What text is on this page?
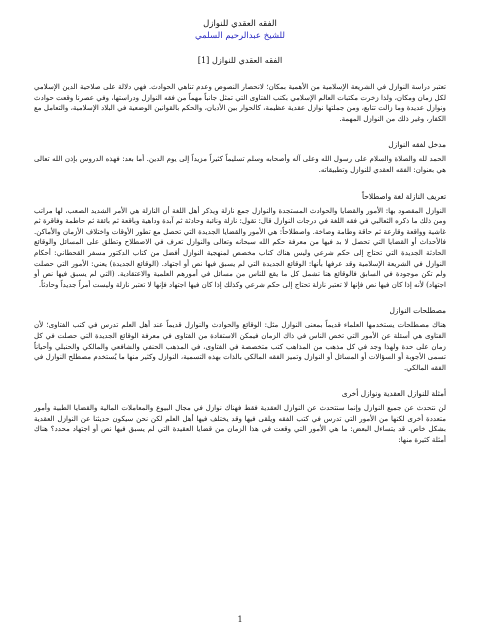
الفقه العقدي للنوازل
للشيخ عبدالرحيم السلمي
الفقه العقدي للنوازل [1]

تعتبر دراسة النوازل في الشريعة الإسلامية من الأهمية بمكان؛ لانحصار النصوص وعدم تناهي الحوادث. فهي دلالة على صلاحية الدين الإسلامي لكل زمان ومكان، ولذا زخرت مكتبات العالم الإسلامي بكتب الفتاوى التي تمثل جانباً مهماً من فقه النوازل ودراستها، وفي عصرنا وقعت حوادث ونوازل عديدة وما زالت تتابع، ومن جملتها نوازل عقدية عظيمة، كالحوار بين الأديان، والحكم بالقوانين الوضعية في البلاد الإسلامية، والتعامل مع الكفار، وغير ذلك من النوازل المهمة.

مدخل لفقه النوازل

الحمد لله والصلاة والسلام على رسول الله وعلى آله وأصحابه وسلم تسليماً كثيراً مزيداً إلى يوم الدين. أما بعد: فهذه الدروس بإذن الله تعالى هي بعنوان: الفقه العقدي للنوازل وتطبيقاته.

تعريف النازلة لغة واصطلاحاً

النوازل المقصود بها: الأمور والقضايا والحوادث المستجدة والنوازل جمع نازلة ويذكر أهل اللغة أن النازلة هي الأمر الشديد الصعب، لها مراتب ومن ذلك ما ذكره الثعالبي في فقه اللغة في درجات النوازل قال: تقول: نازلة ونائبة وحادثة ثم آبدة وداهية وباقعة ثم بائقة ثم حاطمة وفاقرة ثم غاشية وواقعة وقارعة ثم حاقة وطامة وصاخة. واصطلاحاً: هي الأمور والقضايا الجديدة التي تحصل مع تطور الأوقات واختلاف الأزمان والأماكن. فالأحداث أو القضايا التي تحصل لا بد فيها من معرفة حكم الله سبحانه وتعالى والنوازل تعرف في الاصطلاح وتطلق على المسائل والوقائع الحادثة الجديدة التي تحتاج إلى حكم شرعي وليس هناك كتاب مخصص لمنهجية النوازل أفضل من كتاب الدكتور مسفر القحطاني: أحكام النوازل في الشريعة الإسلامية وقد عرفها بأنها: الوقائع الجديدة التي لم يسبق فيها نص أو اجتهاد. (الوقائع الجديدة) يعني: الأمور التي حصلت ولم تكن موجودة في السابق فالوقائع هنا تشمل كل ما يقع للناس من مسائل في أمورهم العلمية والاعتقادية. (التي لم يسبق فيها نص أو اجتهاد) لأنه إذا كان فيها نص فإنها لا تعتبر نازلة تحتاج إلى حكم شرعي وكذلك إذا كان فيها اجتهاد فإنها لا تعتبر نازلة وليست أمراً جديداً وحادثاً.

مصطلحات النوازل

هناك مصطلحات يستخدمها العلماء قديماً بمعنى النوازل مثل: الوقائع والحوادث والنوازل قديماً عند أهل العلم تدرس في كتب الفتاوى؛ لأن الفتاوى هي أسئلة عن الأمور التي تخص الناس في ذاك الزمان فيمكن الاستفادة من الفتاوى في معرفة الوقائع الجديدة التي حصلت في كل زمان على حدة ولهذا وجد في كل مذهب من المذاهب كتب متخصصة في الفتاوى، في المذهب الحنفي والشافعي والمالكي والحنبلي وأحياناً تسمى الأجوبة أو السؤالات أو المسائل أو النوازل وتميز الفقه المالكي بالذات بهذه التسمية، النوازل وكثير منها ما يُستخدم مصطلح النوازل في الفقه المالكي.

أمثلة للنوازل العقدية ونوازل أخرى

لن نتحدث عن جميع النوازل وإنما سنتحدث عن النوازل العقدية فقط فهناك نوازل في مجال البيوع والمعاملات المالية والقضايا الطبية وأمور متعددة أخرى لكنها من الأمور التي تدرس في كتب الفقه ويلقى فيها وقد يختلف فيها أهل العلم لكن نحن سيكون حديثنا عن النوازل العقدية بشكل خاص. قد يتساءل البعض: ما هي الأمور التي وقعت في هذا الزمان من قضايا العقيدة التي لم يسبق فيها نص أو اجتهاد محدد؟ هناك أمثلة كثيرة منها:

1
